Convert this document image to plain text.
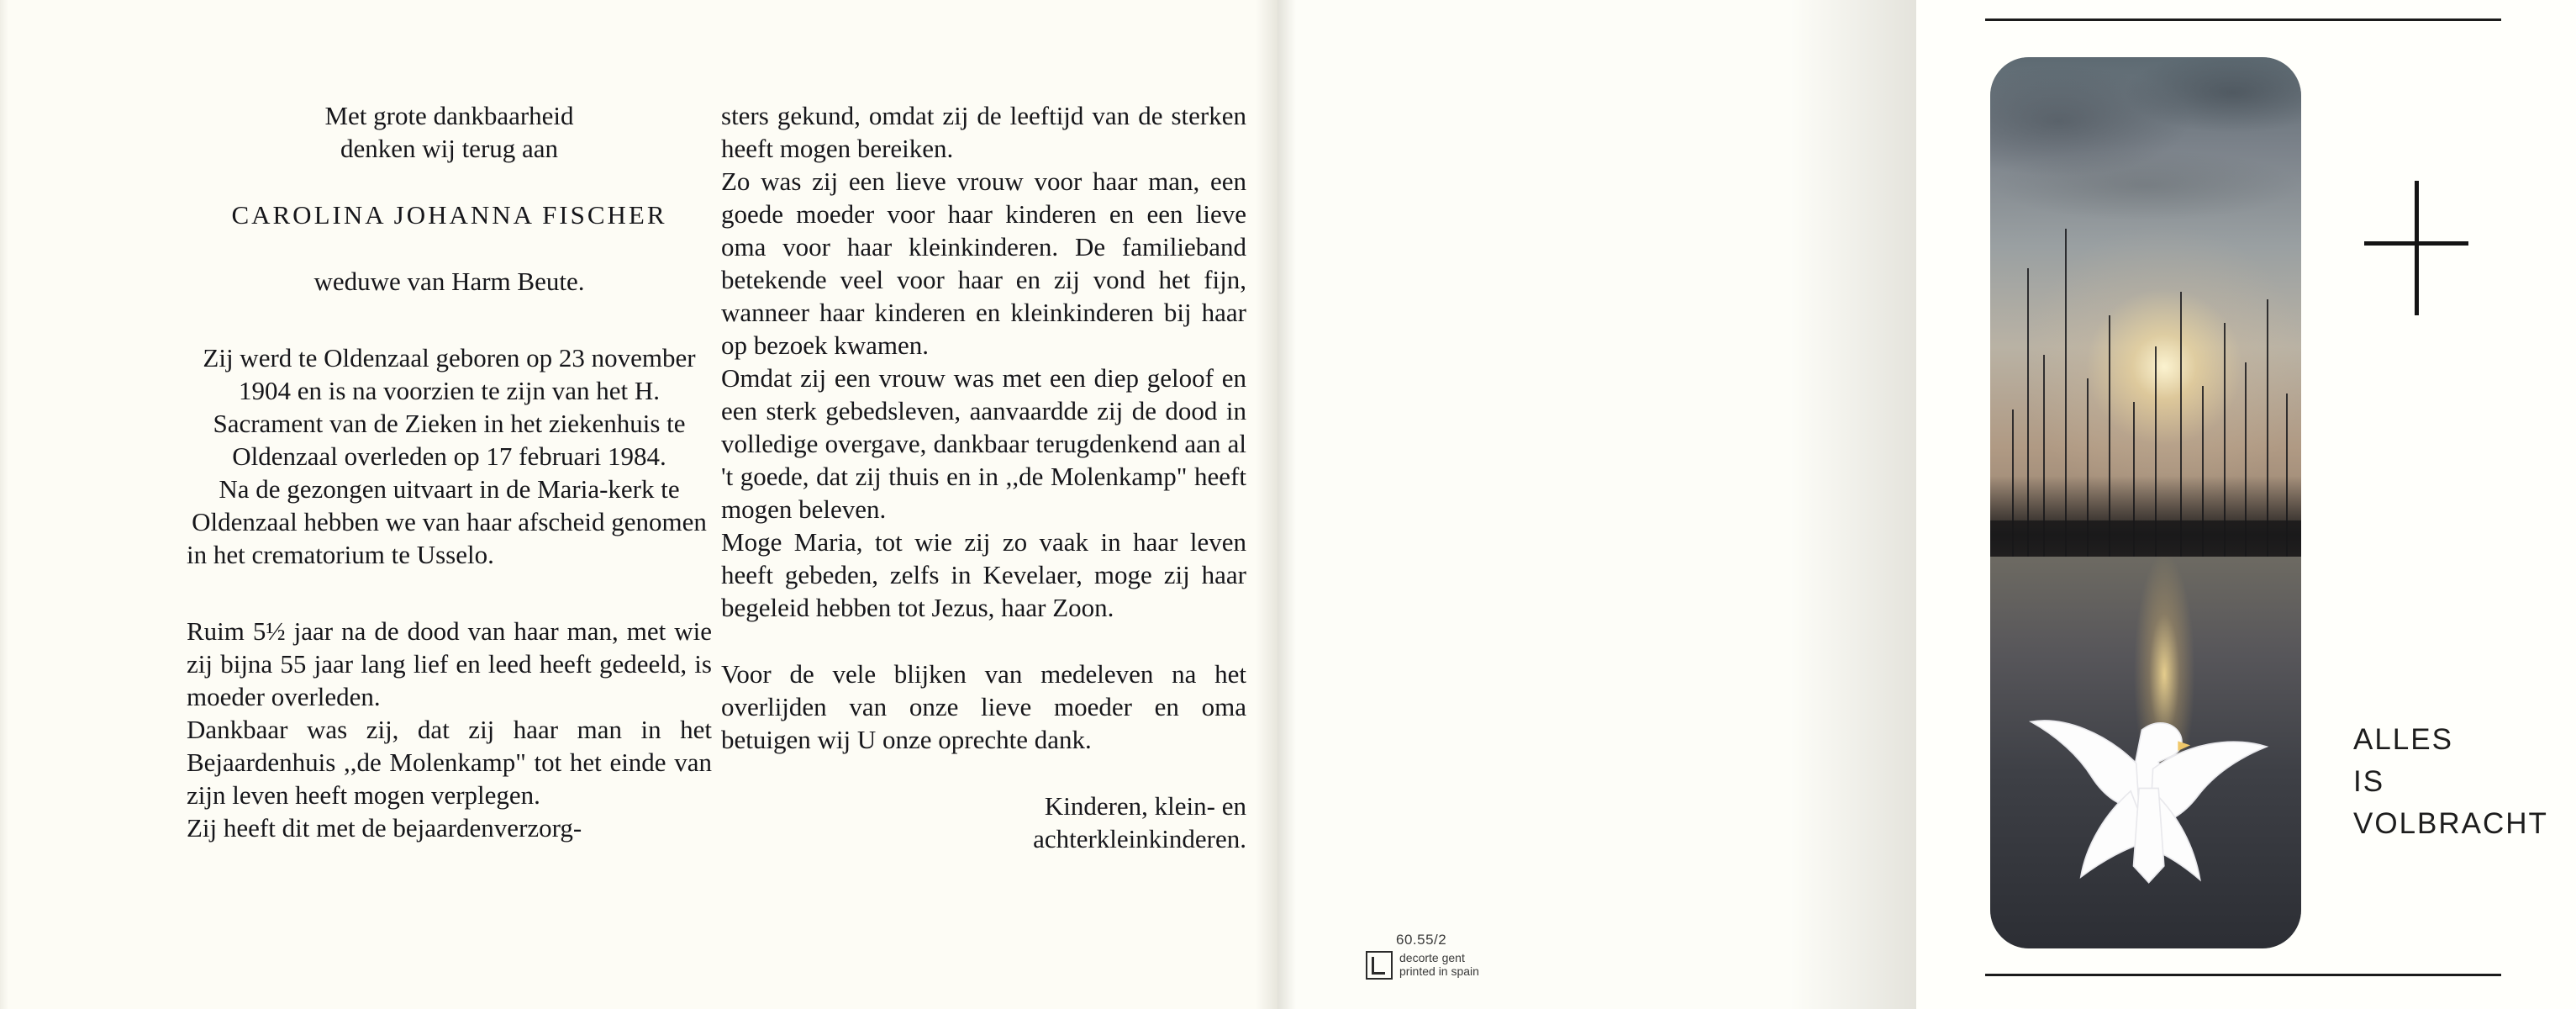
Met grote dankbaarheid
denken wij terug aan
CAROLINA JOHANNA FISCHER
weduwe van Harm Beute.
Zij werd te Oldenzaal geboren op 23 november 1904 en is na voorzien te zijn van het H. Sacrament van de Zieken in het ziekenhuis te Oldenzaal overleden op 17 februari 1984.
Na de gezongen uitvaart in de Maria-kerk te Oldenzaal hebben we van haar afscheid genomen in het crematorium te Usselo.
Ruim 5½ jaar na de dood van haar man, met wie zij bijna 55 jaar lang lief en leed heeft gedeeld, is moeder overleden.
Dankbaar was zij, dat zij haar man in het Bejaardenhuis ,,de Molenkamp" tot het einde van zijn leven heeft mogen verplegen.
Zij heeft dit met de bejaardenverzorg-
sters gekund, omdat zij de leeftijd van de sterken heeft mogen bereiken.
Zo was zij een lieve vrouw voor haar man, een goede moeder voor haar kinderen en een lieve oma voor haar kleinkinderen. De familieband betekende veel voor haar en zij vond het fijn, wanneer haar kinderen en kleinkinderen bij haar op bezoek kwamen.
Omdat zij een vrouw was met een diep geloof en een sterk gebedsleven, aanvaardde zij de dood in volledige overgave, dankbaar terugdenkend aan al 't goede, dat zij thuis en in ,,de Molenkamp" heeft mogen beleven.
Moge Maria, tot wie zij zo vaak in haar leven heeft gebeden, zelfs in Kevelaer, moge zij haar begeleid hebben tot Jezus, haar Zoon.
Voor de vele blijken van medeleven na het overlijden van onze lieve moeder en oma betuigen wij U onze oprechte dank.
Kinderen, klein- en
achterkleinkinderen.
60.55/2
decorte gent
printed in spain
ALLES
IS
VOLBRACHT
